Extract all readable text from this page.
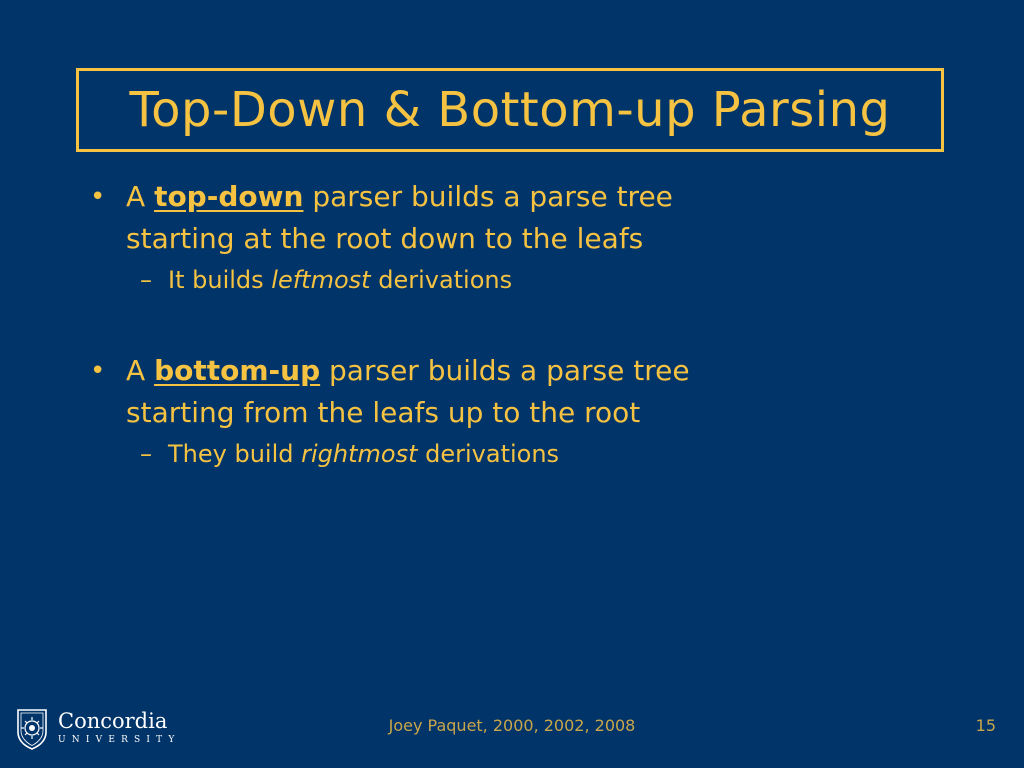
Top-Down & Bottom-up Parsing
• A top-down parser builds a parse tree
starting at the root down to the leafs
– It builds leftmost derivations
• A bottom-up parser builds a parse tree
starting from the leafs up to the root
– They build rightmost derivations
Concordia
UNIVERSITY
Joey Paquet, 2000, 2002, 2008	15
